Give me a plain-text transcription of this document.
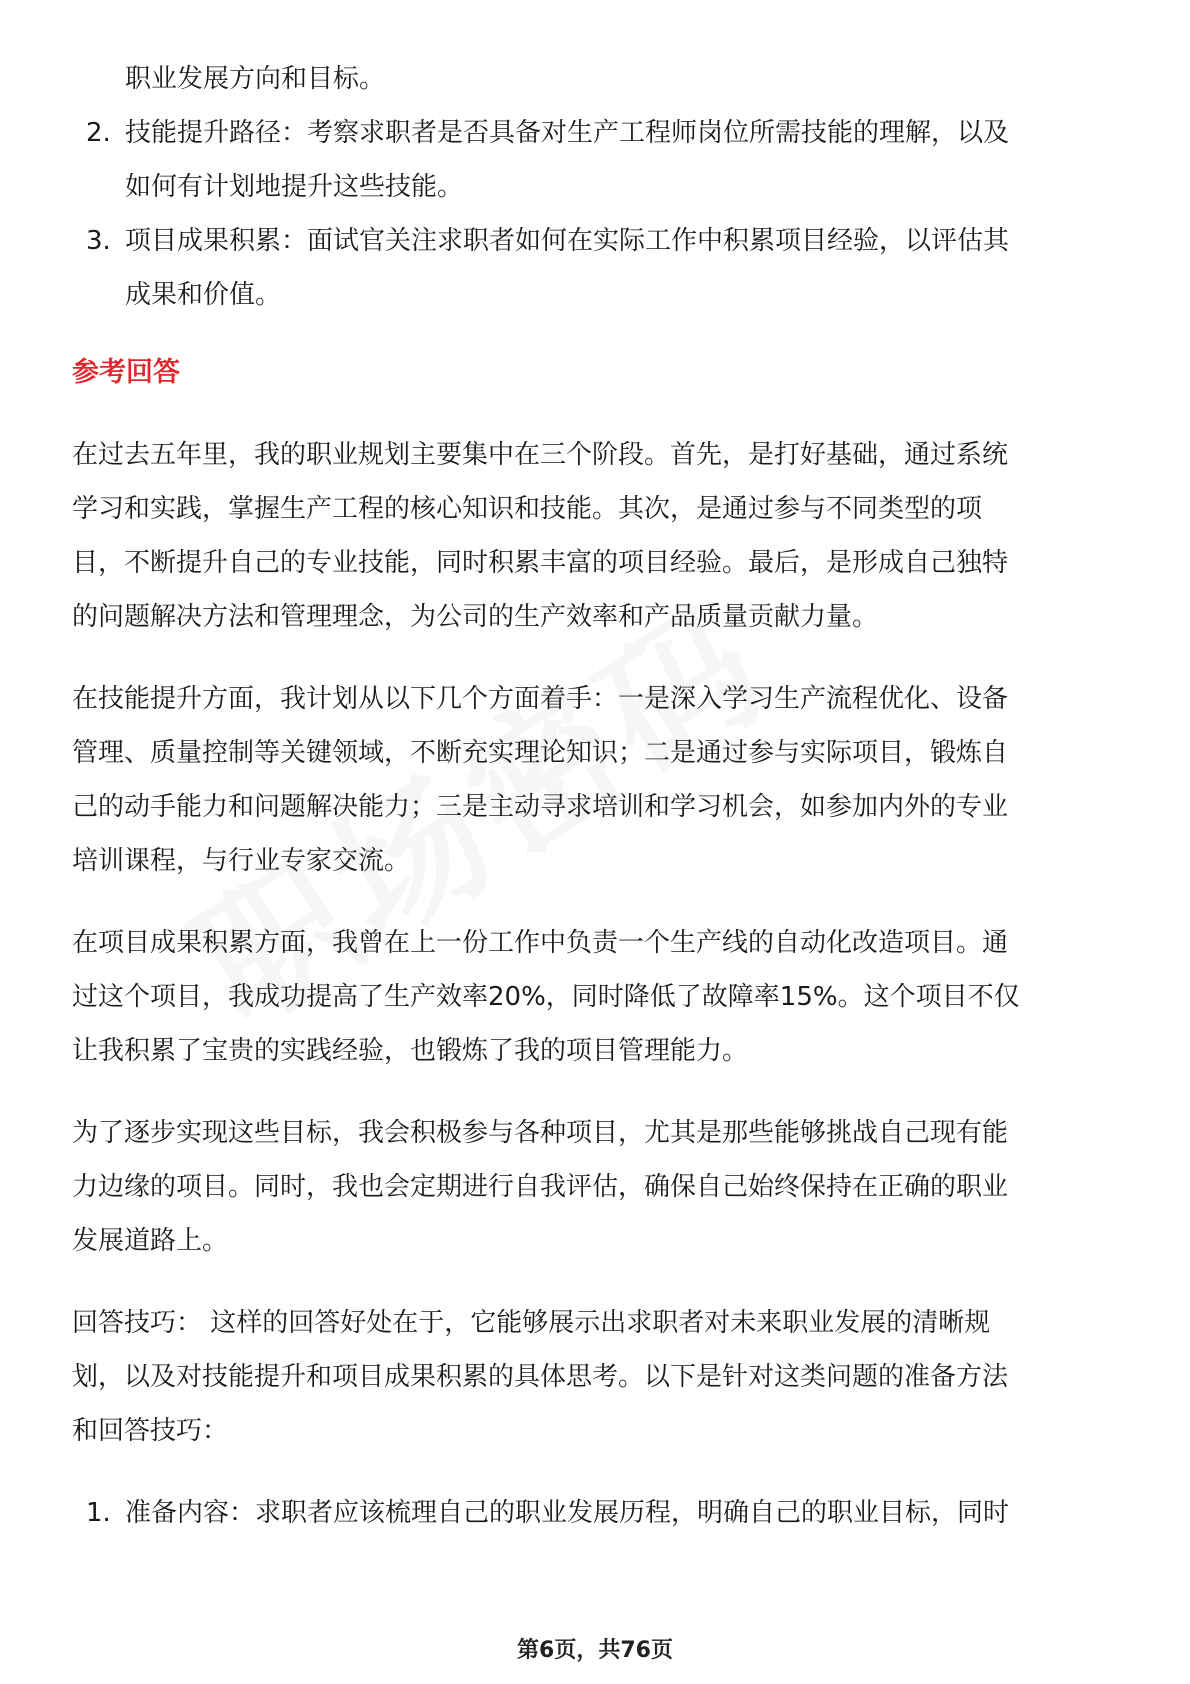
职业发展方向和目标。

2. 技能提升路径：考察求职者是否具备对生产工程师岗位所需技能的理解，以及

如何有计划地提升这些技能。

3. 项目成果积累：面试官关注求职者如何在实际工作中积累项目经验，以评估其

成果和价值。

参考回答

在过去五年里，我的职业规划主要集中在三个阶段。首先，是打好基础，通过系统

学习和实践，掌握生产工程的核心知识和技能。其次，是通过参与不同类型的项

目，不断提升自己的专业技能，同时积累丰富的项目经验。最后，是形成自己独特

的问题解决方法和管理理念，为公司的生产效率和产品质量贡献力量。

在技能提升方面，我计划从以下几个方面着手：一是深入学习生产流程优化、设备

管理、质量控制等关键领域，不断充实理论知识；二是通过参与实际项目，锻炼自

己的动手能力和问题解决能力；三是主动寻求培训和学习机会，如参加内外的专业

培训课程，与行业专家交流。

在项目成果积累方面，我曾在上一份工作中负责一个生产线的自动化改造项目。通

过这个项目，我成功提高了生产效率20%，同时降低了故障率15%。这个项目不仅

让我积累了宝贵的实践经验，也锻炼了我的项目管理能力。

为了逐步实现这些目标，我会积极参与各种项目，尤其是那些能够挑战自己现有能

力边缘的项目。同时，我也会定期进行自我评估，确保自己始终保持在正确的职业

发展道路上。

回答技巧： 这样的回答好处在于，它能够展示出求职者对未来职业发展的清晰规

划，以及对技能提升和项目成果积累的具体思考。以下是针对这类问题的准备方法

和回答技巧：

1. 准备内容：求职者应该梳理自己的职业发展历程，明确自己的职业目标，同时

第6页，共76页
